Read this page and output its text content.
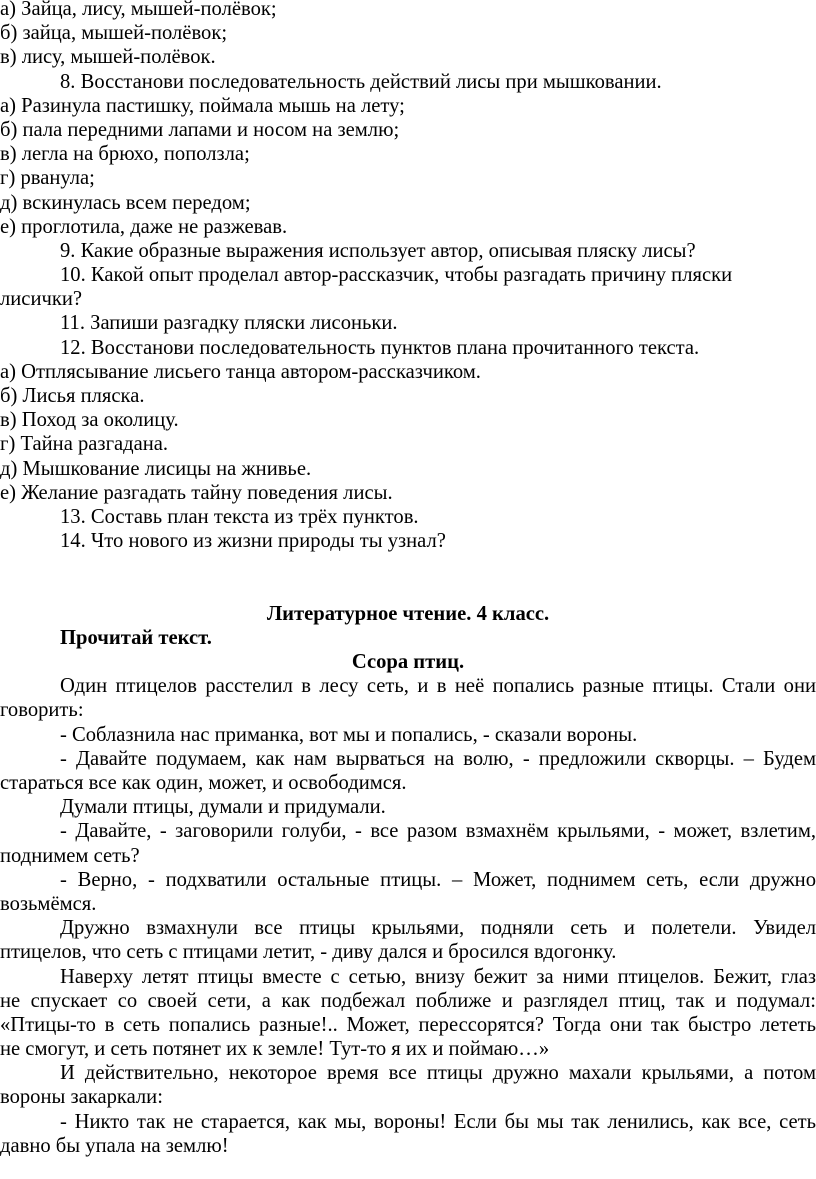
а) Зайца, лису, мышей-полёвок;

б) зайца, мышей-полёвок;

в) лису, мышей-полёвок.

8. Восстанови последовательность действий лисы при мышковании.

а) Разинула пастишку, поймала мышь на лету;

б) пала передними лапами и носом на землю;

в) легла на брюхо, поползла;

г) рванула;

д) вскинулась всем передом;

е) проглотила, даже не разжевав.

9. Какие образные выражения использует автор, описывая пляску лисы?

10. Какой опыт проделал автор-рассказчик, чтобы разгадать причину пляски

лисички?

11. Запиши разгадку пляски лисоньки.

12. Восстанови последовательность пунктов плана прочитанного текста.

а) Отплясывание лисьего танца автором-рассказчиком.

б) Лисья пляска.

в) Поход за околицу.

г) Тайна разгадана.

д) Мышкование лисицы на жнивье.

е) Желание разгадать тайну поведения лисы.

13. Составь план текста из трёх пунктов.

14. Что нового из жизни природы ты узнал?

Литературное чтение. 4 класс.

Прочитай текст.

Ссора птиц.

Один птицелов расстелил в лесу сеть, и в неё попались разные птицы. Стали они

говорить:

- Соблазнила нас приманка, вот мы и попались, - сказали вороны.

- Давайте подумаем, как нам вырваться на волю, - предложили скворцы. – Будем

стараться все как один, может, и освободимся.

Думали птицы, думали и придумали.

- Давайте, - заговорили голуби, - все разом взмахнём крыльями, - может, взлетим,

поднимем сеть?

- Верно, - подхватили остальные птицы. – Может, поднимем сеть, если дружно

возьмёмся.

Дружно взмахнули все птицы крыльями, подняли сеть и полетели. Увидел

птицелов, что сеть с птицами летит, - диву дался и бросился вдогонку.

Наверху летят птицы вместе с сетью, внизу бежит за ними птицелов. Бежит, глаз

не спускает со своей сети, а как подбежал поближе и разглядел птиц, так и подумал:

«Птицы-то в сеть попались разные!.. Может, перессорятся? Тогда они так быстро лететь

не смогут, и сеть потянет их к земле! Тут-то я их и поймаю…»

И действительно, некоторое время все птицы дружно махали крыльями, а потом

вороны закаркали:

- Никто так не старается, как мы, вороны! Если бы мы так ленились, как все, сеть

давно бы упала на землю!
